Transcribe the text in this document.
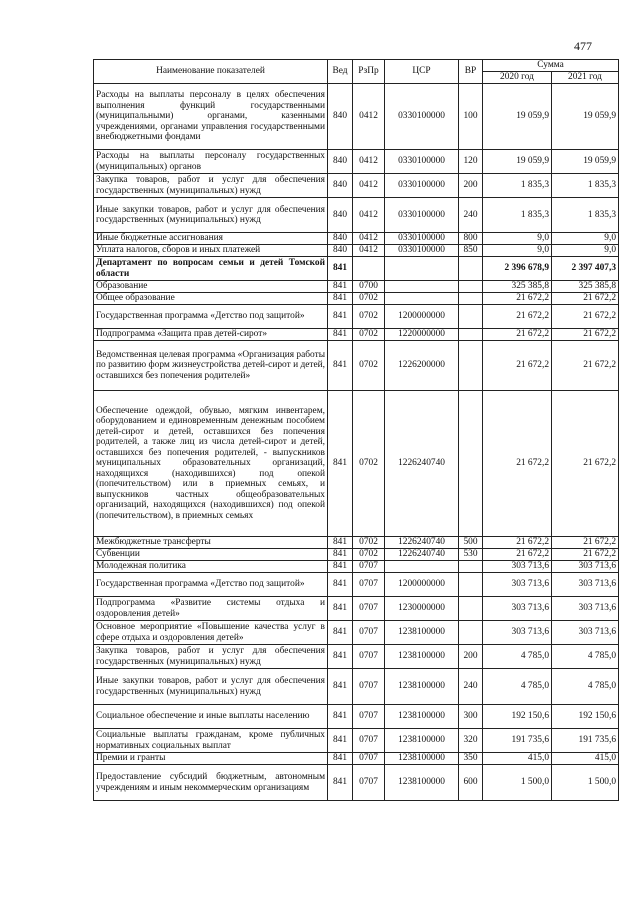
477
Наименование показателей	Вед	РзПр	ЦСР	ВР	Сумма	
					2020 год	2021 год
Расходы на выплаты персоналу в целях обеспечения выполнения функций государственными (муниципальными) органами, казенными учреждениями, органами управления государственными внебюджетными фондами	840	0412	0330100000	100	19 059,9	19 059,9
Расходы на выплаты персоналу государственных (муниципальных) органов	840	0412	0330100000	120	19 059,9	19 059,9
Закупка товаров, работ и услуг для обеспечения государственных (муниципальных) нужд	840	0412	0330100000	200	1 835,3	1 835,3
Иные закупки товаров, работ и услуг для обеспечения государственных (муниципальных) нужд	840	0412	0330100000	240	1 835,3	1 835,3
Иные бюджетные ассигнования	840	0412	0330100000	800	9,0	9,0
Уплата налогов, сборов и иных платежей	840	0412	0330100000	850	9,0	9,0
Департамент по вопросам семьи и детей Томской области	841				2 396 678,9	2 397 407,3
Образование	841	0700			325 385,8	325 385,8
Общее образование	841	0702			21 672,2	21 672,2
Государственная программа «Детство под защитой»	841	0702	1200000000		21 672,2	21 672,2
Подпрограмма «Защита прав детей-сирот»	841	0702	1220000000		21 672,2	21 672,2
Ведомственная целевая программа «Организация работы по развитию форм жизнеустройства детей-сирот и детей, оставшихся без попечения родителей»	841	0702	1226200000		21 672,2	21 672,2
Обеспечение одеждой, обувью, мягким инвентарем, оборудованием и единовременным денежным пособием детей-сирот и детей, оставшихся без попечения родителей, а также лиц из числа детей-сирот и детей, оставшихся без попечения родителей, - выпускников муниципальных образовательных организаций, находящихся (находившихся) под опекой (попечительством) или в приемных семьях, и выпускников частных общеобразовательных организаций, находящихся (находившихся) под опекой (попечительством), в приемных семьях	841	0702	1226240740		21 672,2	21 672,2
Межбюджетные трансферты	841	0702	1226240740	500	21 672,2	21 672,2
Субвенции	841	0702	1226240740	530	21 672,2	21 672,2
Молодежная политика	841	0707			303 713,6	303 713,6
Государственная программа «Детство под защитой»	841	0707	1200000000		303 713,6	303 713,6
Подпрограмма «Развитие системы отдыха и оздоровления детей»	841	0707	1230000000		303 713,6	303 713,6
Основное мероприятие «Повышение качества услуг в сфере отдыха и оздоровления детей»	841	0707	1238100000		303 713,6	303 713,6
Закупка товаров, работ и услуг для обеспечения государственных (муниципальных) нужд	841	0707	1238100000	200	4 785,0	4 785,0
Иные закупки товаров, работ и услуг для обеспечения государственных (муниципальных) нужд	841	0707	1238100000	240	4 785,0	4 785,0
Социальное обеспечение и иные выплаты населению	841	0707	1238100000	300	192 150,6	192 150,6
Социальные выплаты гражданам, кроме публичных нормативных социальных выплат	841	0707	1238100000	320	191 735,6	191 735,6
Премии и гранты	841	0707	1238100000	350	415,0	415,0
Предоставление субсидий бюджетным, автономным учреждениям и иным некоммерческим организациям	841	0707	1238100000	600	1 500,0	1 500,0
